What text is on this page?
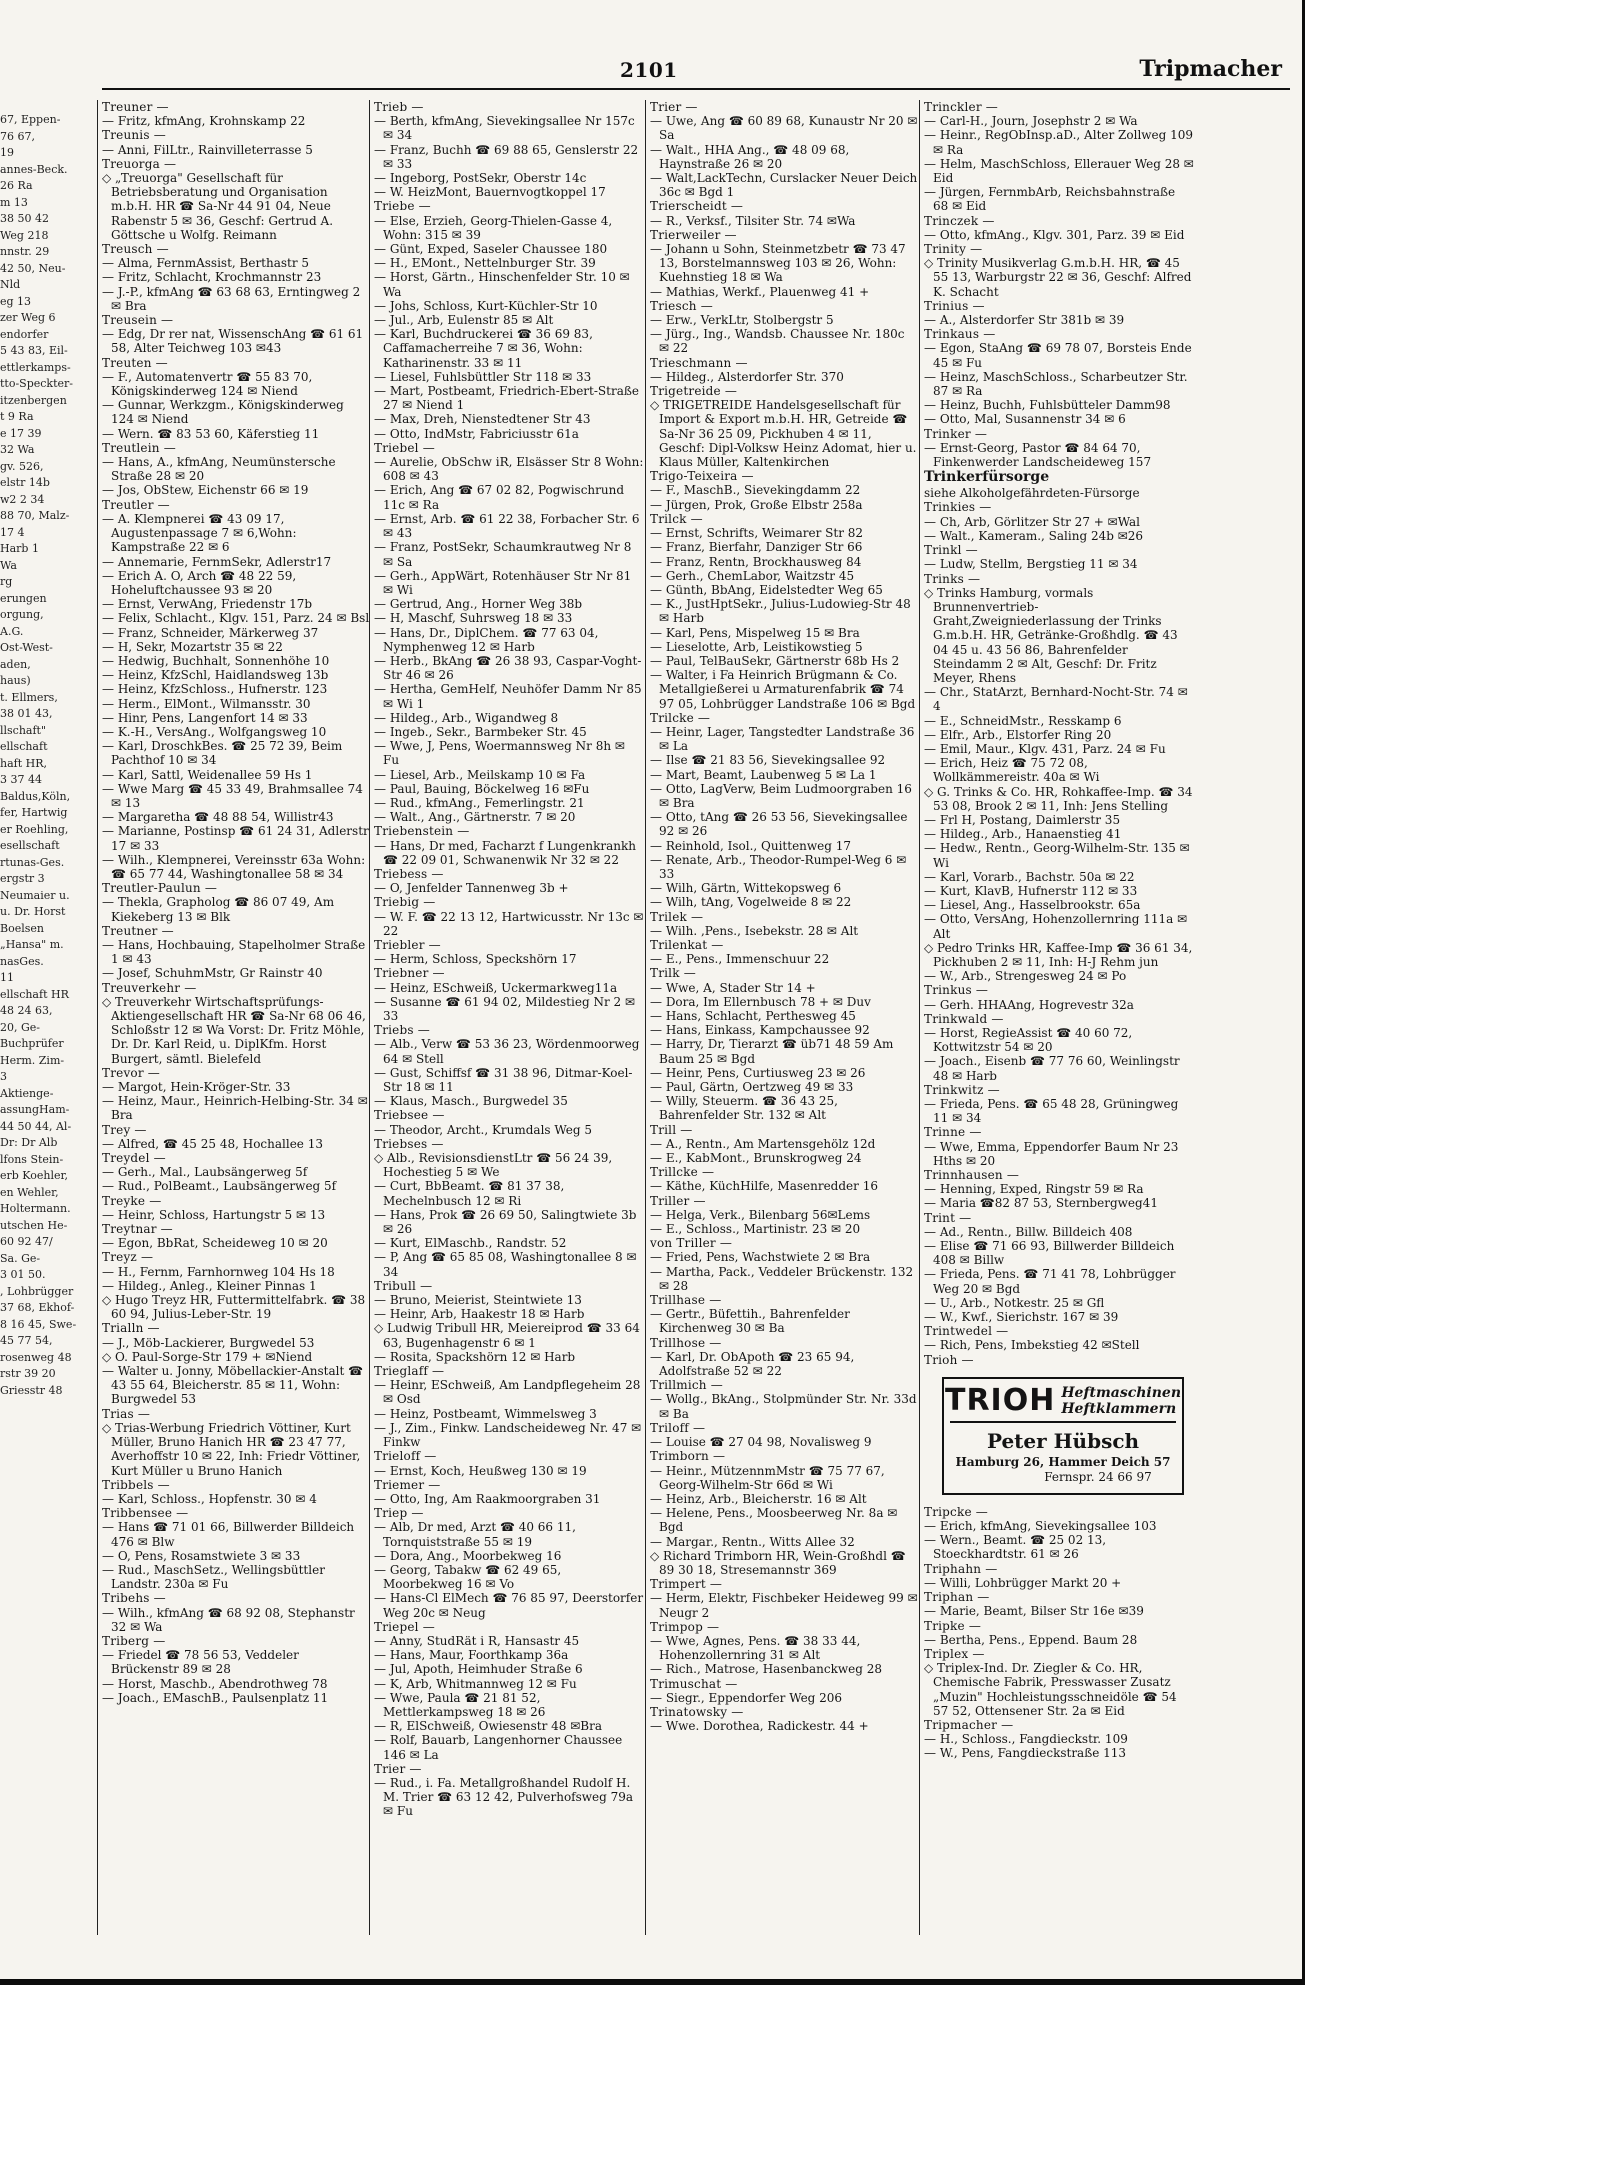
2101	Tripmacher
67, Eppen-
76 67,
19
annes-Beck.
26 Ra
m 13
38 50 42
Weg 218
nnstr. 29
42 50, Neu-
Nld
eg 13
zer Weg 6
endorfer
5 43 83, Eil-
ettlerkamps-
tto-Speckter-
itzenbergen
t 9 Ra
e 17 39
32 Wa
gv. 526,
elstr 14b
w2 2 34
88 70, Malz-
17 4
Harb 1
Wa
rg
erungen
orgung,
A.G.
Ost-West-
aden,
haus)
t. Ellmers,
38 01 43,
llschaft"
ellschaft
haft HR,
3 37 44
Baldus,Köln,
fer, Hartwig
er Roehling,
esellschaft
rtunas-Ges.
ergstr 3
Neumaier u.
u. Dr. Horst
Boelsen
„Hansa" m.
nasGes.
11
ellschaft HR
48 24 63,
20, Ge-
Buchprüfer
Herm. Zim-
3
Aktienge-
assungHam-
44 50 44, Al-
Dr: Dr Alb
lfons Stein-
erb Koehler,
en Wehler,
Holtermann.
utschen He-
60 92 47/
Sa. Ge-
3 01 50.
, Lohbrügger
37 68, Ekhof-
8 16 45, Swe-
45 77 54,
rosenweg 48
rstr 39 20
Griesstr 48
Treuner —
— Fritz, kfmAng, Krohnskamp 22
Treunis —
— Anni, FilLtr., Rainvilleterrasse 5
Treuorga —
◇ „Treuorga" Gesellschaft für Betriebsberatung und Organisation m.b.H. HR ☎ Sa-Nr 44 91 04, Neue Rabenstr 5 ✉ 36, Geschf: Gertrud A. Göttsche u Wolfg. Reimann
Treusch —
— Alma, FernmAssist, Berthastr 5
— Fritz, Schlacht, Krochmannstr 23
— J.-P., kfmAng ☎ 63 68 63, Erntingweg 2 ✉ Bra
Treusein —
— Edg, Dr rer nat, WissenschAng ☎ 61 61 58, Alter Teichweg 103 ✉43
Treuten —
— F., Automatenvertr ☎ 55 83 70, Königskinderweg 124 ✉ Niend
— Gunnar, Werkzgm., Königskinderweg 124 ✉ Niend
— Wern. ☎ 83 53 60, Käferstieg 11
Treutlein —
— Hans, A., kfmAng, Neumünstersche Straße 28 ✉ 20
— Jos, ObStew, Eichenstr 66 ✉ 19
Treutler —
— A. Klempnerei ☎ 43 09 17, Augustenpassage 7 ✉ 6,Wohn: Kampstraße 22 ✉ 6
— Annemarie, FernmSekr, Adlerstr17
— Erich A. O, Arch ☎ 48 22 59, Hoheluftchaussee 93 ✉ 20
— Ernst, VerwAng, Friedenstr 17b
— Felix, Schlacht., Klgv. 151, Parz. 24 ✉ Bsl
— Franz, Schneider, Märkerweg 37
— H, Sekr, Mozartstr 35 ✉ 22
— Hedwig, Buchhalt, Sonnenhöhe 10
— Heinz, KfzSchl, Haidlandsweg 13b
— Heinz, KfzSchloss., Hufnerstr. 123
— Herm., ElMont., Wilmansstr. 30
— Hinr, Pens, Langenfort 14 ✉ 33
— K.-H., VersAng., Wolfgangsweg 10
— Karl, DroschkBes. ☎ 25 72 39, Beim Pachthof 10 ✉ 34
— Karl, Sattl, Weidenallee 59 Hs 1
— Wwe Marg ☎ 45 33 49, Brahmsallee 74 ✉ 13
— Margaretha ☎ 48 88 54, Willistr43
— Marianne, Postinsp ☎ 61 24 31, Adlerstr 17 ✉ 33
— Wilh., Klempnerei, Vereinsstr 63a Wohn: ☎ 65 77 44, Washingtonallee 58 ✉ 34
Treutler-Paulun —
— Thekla, Grapholog ☎ 86 07 49, Am Kiekeberg 13 ✉ Blk
Treutner —
— Hans, Hochbauing, Stapelholmer Straße 1 ✉ 43
— Josef, SchuhmMstr, Gr Rainstr 40
Treuverkehr —
◇ Treuverkehr Wirtschaftsprüfungs-Aktiengesellschaft HR ☎ Sa-Nr 68 06 46, Schloßstr 12 ✉ Wa Vorst: Dr. Fritz Möhle, Dr. Dr. Karl Reid, u. DiplKfm. Horst Burgert, sämtl. Bielefeld
Trevor —
— Margot, Hein-Kröger-Str. 33
— Heinz, Maur., Heinrich-Helbing-Str. 34 ✉ Bra
Trey —
— Alfred, ☎ 45 25 48, Hochallee 13
Treydel —
— Gerh., Mal., Laubsängerweg 5f
— Rud., PolBeamt., Laubsängerweg 5f
Treyke —
— Heinr, Schloss, Hartungstr 5 ✉ 13
Treytnar —
— Egon, BbRat, Scheideweg 10 ✉ 20
Treyz —
— H., Fernm, Farnhornweg 104 Hs 18
— Hildeg., Anleg., Kleiner Pinnas 1
◇ Hugo Treyz HR, Futtermittelfabrk. ☎ 38 60 94, Julius-Leber-Str. 19
Trialln —
— J., Möb-Lackierer, Burgwedel 53
◇ O. Paul-Sorge-Str 179 + ✉Niend
— Walter u. Jonny, Möbellackier-Anstalt ☎ 43 55 64, Bleicherstr. 85 ✉ 11, Wohn: Burgwedel 53
Trias —
◇ Trias-Werbung Friedrich Vöttiner, Kurt Müller, Bruno Hanich HR ☎ 23 47 77, Averhoffstr 10 ✉ 22, Inh: Friedr Vöttiner, Kurt Müller u Bruno Hanich
Tribbels —
— Karl, Schloss., Hopfenstr. 30 ✉ 4
Tribbensee —
— Hans ☎ 71 01 66, Billwerder Billdeich 476 ✉ Blw
— O, Pens, Rosamstwiete 3 ✉ 33
— Rud., MaschSetz., Wellingsbüttler Landstr. 230a ✉ Fu
Tribehs —
— Wilh., kfmAng ☎ 68 92 08, Stephanstr 32 ✉ Wa
Triberg —
— Friedel ☎ 78 56 53, Veddeler Brückenstr 89 ✉ 28
— Horst, Maschb., Abendrothweg 78
— Joach., EMaschB., Paulsenplatz 11
Trieb —
— Berth, kfmAng, Sievekingsallee Nr 157c ✉ 34
— Franz, Buchh ☎ 69 88 65, Genslerstr 22 ✉ 33
— Ingeborg, PostSekr, Oberstr 14c
— W. HeizMont, Bauernvogtkoppel 17
Triebe —
— Else, Erzieh, Georg-Thielen-Gasse 4, Wohn: 315 ✉ 39
— Günt, Exped, Saseler Chaussee 180
— H., EMont., Nettelnburger Str. 39
— Horst, Gärtn., Hinschenfelder Str. 10 ✉ Wa
— Johs, Schloss, Kurt-Küchler-Str 10
— Jul., Arb, Eulenstr 85 ✉ Alt
— Karl, Buchdruckerei ☎ 36 69 83, Caffamacherreihe 7 ✉ 36, Wohn: Katharinenstr. 33 ✉ 11
— Liesel, Fuhlsbüttler Str 118 ✉ 33
— Mart, Postbeamt, Friedrich-Ebert-Straße 27 ✉ Niend 1
— Max, Dreh, Nienstedtener Str 43
— Otto, IndMstr, Fabriciusstr 61a
Triebel —
— Aurelie, ObSchw iR, Elsässer Str 8 Wohn: 608 ✉ 43
— Erich, Ang ☎ 67 02 82, Pogwischrund 11c ✉ Ra
— Ernst, Arb. ☎ 61 22 38, Forbacher Str. 6 ✉ 43
— Franz, PostSekr, Schaumkrautweg Nr 8 ✉ Sa
— Gerh., AppWärt, Rotenhäuser Str Nr 81 ✉ Wi
— Gertrud, Ang., Horner Weg 38b
— H, Maschf, Suhrsweg 18 ✉ 33
— Hans, Dr., DiplChem. ☎ 77 63 04, Nymphenweg 12 ✉ Harb
— Herb., BkAng ☎ 26 38 93, Caspar-Voght-Str 46 ✉ 26
— Hertha, GemHelf, Neuhöfer Damm Nr 85 ✉ Wi 1
— Hildeg., Arb., Wigandweg 8
— Ingeb., Sekr., Barmbeker Str. 45
— Wwe, J, Pens, Woermannsweg Nr 8h ✉ Fu
— Liesel, Arb., Meilskamp 10 ✉ Fa
— Paul, Bauing, Böckelweg 16 ✉Fu
— Rud., kfmAng., Femerlingstr. 21
— Walt., Ang., Gärtnerstr. 7 ✉ 20
Triebenstein —
— Hans, Dr med, Facharzt f Lungenkrankh ☎ 22 09 01, Schwanenwik Nr 32 ✉ 22
Triebess —
— O, Jenfelder Tannenweg 3b +
Triebig —
— W. F. ☎ 22 13 12, Hartwicusstr. Nr 13c ✉ 22
Triebler —
— Herm, Schloss, Speckshörn 17
Triebner —
— Heinz, ESchweiß, Uckermarkweg11a
— Susanne ☎ 61 94 02, Mildestieg Nr 2 ✉ 33
Triebs —
— Alb., Verw ☎ 53 36 23, Wördenmoorweg 64 ✉ Stell
— Gust, Schiffsf ☎ 31 38 96, Ditmar-Koel-Str 18 ✉ 11
— Klaus, Masch., Burgwedel 35
Triebsee —
— Theodor, Archt., Krumdals Weg 5
Triebses —
◇ Alb., RevisionsdienstLtr ☎ 56 24 39, Hochestieg 5 ✉ We
— Curt, BbBeamt. ☎ 81 37 38, Mechelnbusch 12 ✉ Ri
— Hans, Prok ☎ 26 69 50, Salingtwiete 3b ✉ 26
— Kurt, ElMaschb., Randstr. 52
— P, Ang ☎ 65 85 08, Washingtonallee 8 ✉ 34
Tribull —
— Bruno, Meierist, Steintwiete 13
— Heinr, Arb, Haakestr 18 ✉ Harb
◇ Ludwig Tribull HR, Meiereiprod ☎ 33 64 63, Bugenhagenstr 6 ✉ 1
— Rosita, Spackshörn 12 ✉ Harb
Trieglaff —
— Heinr, ESchweiß, Am Landpflegeheim 28 ✉ Osd
— Heinz, Postbeamt, Wimmelsweg 3
— J., Zim., Finkw. Landscheideweg Nr. 47 ✉ Finkw
Trieloff —
— Ernst, Koch, Heußweg 130 ✉ 19
Triemer —
— Otto, Ing, Am Raakmoorgraben 31
Triep —
— Alb, Dr med, Arzt ☎ 40 66 11, Tornquiststraße 55 ✉ 19
— Dora, Ang., Moorbekweg 16
— Georg, Tabakw ☎ 62 49 65, Moorbekweg 16 ✉ Vo
— Hans-Cl ElMech ☎ 76 85 97, Deerstorfer Weg 20c ✉ Neug
Triepel —
— Anny, StudRät i R, Hansastr 45
— Hans, Maur, Foorthkamp 36a
— Jul, Apoth, Heimhuder Straße 6
— K, Arb, Whitmannweg 12 ✉ Fu
— Wwe, Paula ☎ 21 81 52, Mettlerkampsweg 18 ✉ 26
— R, ElSchweiß, Owiesenstr 48 ✉Bra
— Rolf, Bauarb, Langenhorner Chaussee 146 ✉ La
Trier —
— Rud., i. Fa. Metallgroßhandel Rudolf H. M. Trier ☎ 63 12 42, Pulverhofsweg 79a ✉ Fu
Trier —
— Uwe, Ang ☎ 60 89 68, Kunaustr Nr 20 ✉ Sa
— Walt., HHA Ang., ☎ 48 09 68, Haynstraße 26 ✉ 20
— Walt,LackTechn, Curslacker Neuer Deich 36c ✉ Bgd 1
Trierscheidt —
— R., Verksf., Tilsiter Str. 74 ✉Wa
Trierweiler —
— Johann u Sohn, Steinmetzbetr ☎ 73 47 13, Borstelmannsweg 103 ✉ 26, Wohn: Kuehnstieg 18 ✉ Wa
— Mathias, Werkf., Plauenweg 41 +
Triesch —
— Erw., VerkLtr, Stolbergstr 5
— Jürg., Ing., Wandsb. Chaussee Nr. 180c ✉ 22
Trieschmann —
— Hildeg., Alsterdorfer Str. 370
Trigetreide —
◇ TRIGETREIDE Handelsgesellschaft für Import & Export m.b.H. HR, Getreide ☎ Sa-Nr 36 25 09, Pickhuben 4 ✉ 11, Geschf: Dipl-Volksw Heinz Adomat, hier u. Klaus Müller, Kaltenkirchen
Trigo-Teixeira —
— F., MaschB., Sievekingdamm 22
— Jürgen, Prok, Große Elbstr 258a
Trilck —
— Ernst, Schrifts, Weimarer Str 82
— Franz, Bierfahr, Danziger Str 66
— Franz, Rentn, Brockhausweg 84
— Gerh., ChemLabor, Waitzstr 45
— Günth, BbAng, Eidelstedter Weg 65
— K., JustHptSekr., Julius-Ludowieg-Str 48 ✉ Harb
— Karl, Pens, Mispelweg 15 ✉ Bra
— Lieselotte, Arb, Leistikowstieg 5
— Paul, TelBauSekr, Gärtnerstr 68b Hs 2
— Walter, i Fa Heinrich Brügmann & Co. Metallgießerei u Armaturenfabrik ☎ 74 97 05, Lohbrügger Landstraße 106 ✉ Bgd
Trilcke —
— Heinr, Lager, Tangstedter Landstraße 36 ✉ La
— Ilse ☎ 21 83 56, Sievekingsallee 92
— Mart, Beamt, Laubenweg 5 ✉ La 1
— Otto, LagVerw, Beim Ludmoorgraben 16 ✉ Bra
— Otto, tAng ☎ 26 53 56, Sievekingsallee 92 ✉ 26
— Reinhold, Isol., Quittenweg 17
— Renate, Arb., Theodor-Rumpel-Weg 6 ✉ 33
— Wilh, Gärtn, Wittekopsweg 6
— Wilh, tAng, Vogelweide 8 ✉ 22
Trilek —
— Wilh. ,Pens., Isebekstr. 28 ✉ Alt
Trilenkat —
— E., Pens., Immenschuur 22
Trilk —
— Wwe, A, Stader Str 14 +
— Dora, Im Ellernbusch 78 + ✉ Duv
— Hans, Schlacht, Perthesweg 45
— Hans, Einkass, Kampchaussee 92
— Harry, Dr, Tierarzt ☎ üb71 48 59 Am Baum 25 ✉ Bgd
— Heinr, Pens, Curtiusweg 23 ✉ 26
— Paul, Gärtn, Oertzweg 49 ✉ 33
— Willy, Steuerm. ☎ 36 43 25, Bahrenfelder Str. 132 ✉ Alt
Trill —
— A., Rentn., Am Martensgehölz 12d
— E., KabMont., Brunskrogweg 24
Trillcke —
— Käthe, KüchHilfe, Masenredder 16
Triller —
— Helga, Verk., Bilenbarg 56✉Lems
— E., Schloss., Martinistr. 23 ✉ 20
von Triller —
— Fried, Pens, Wachstwiete 2 ✉ Bra
— Martha, Pack., Veddeler Brückenstr. 132 ✉ 28
Trillhase —
— Gertr., Büfettih., Bahrenfelder Kirchenweg 30 ✉ Ba
Trillhose —
— Karl, Dr. ObApoth ☎ 23 65 94, Adolfstraße 52 ✉ 22
Trillmich —
— Wollg., BkAng., Stolpmünder Str. Nr. 33d ✉ Ba
Triloff —
— Louise ☎ 27 04 98, Novalisweg 9
Trimborn —
— Heinr., MützennmMstr ☎ 75 77 67, Georg-Wilhelm-Str 66d ✉ Wi
— Heinz, Arb., Bleicherstr. 16 ✉ Alt
— Helene, Pens., Moosbeerweg Nr. 8a ✉ Bgd
— Margar., Rentn., Witts Allee 32
◇ Richard Trimborn HR, Wein-Großhdl ☎ 89 30 18, Stresemannstr 369
Trimpert —
— Herm, Elektr, Fischbeker Heideweg 99 ✉ Neugr 2
Trimpop —
— Wwe, Agnes, Pens. ☎ 38 33 44, Hohenzollernring 31 ✉ Alt
— Rich., Matrose, Hasenbanckweg 28
Trimuschat —
— Siegr., Eppendorfer Weg 206
Trinatowsky —
— Wwe. Dorothea, Radickestr. 44 +
Trinckler —
— Carl-H., Journ, Josephstr 2 ✉ Wa
— Heinr., RegObInsp.aD., Alter Zollweg 109 ✉ Ra
— Helm, MaschSchloss, Ellerauer Weg 28 ✉ Eid
— Jürgen, FernmbArb, Reichsbahnstraße 68 ✉ Eid
Trinczek —
— Otto, kfmAng., Klgv. 301, Parz. 39 ✉ Eid
Trinity —
◇ Trinity Musikverlag G.m.b.H. HR, ☎ 45 55 13, Warburgstr 22 ✉ 36, Geschf: Alfred K. Schacht
Trinius —
— A., Alsterdorfer Str 381b ✉ 39
Trinkaus —
— Egon, StaAng ☎ 69 78 07, Borsteis Ende 45 ✉ Fu
— Heinz, MaschSchloss., Scharbeutzer Str. 87 ✉ Ra
— Heinz, Buchh, Fuhlsbütteler Damm98
— Otto, Mal, Susannenstr 34 ✉ 6
Trinker —
— Ernst-Georg, Pastor ☎ 84 64 70, Finkenwerder Landscheideweg 157
Trinkerfürsorge
siehe Alkoholgefährdeten-Fürsorge
Trinkies —
— Ch, Arb, Görlitzer Str 27 + ✉Wal
— Walt., Kameram., Saling 24b ✉26
Trinkl —
— Ludw, Stellm, Bergstieg 11 ✉ 34
Trinks —
◇ Trinks Hamburg, vormals Brunnenvertrieb-Graht,Zweigniederlassung der Trinks G.m.b.H. HR, Getränke-Großhdlg. ☎ 43 04 45 u. 43 56 86, Bahrenfelder Steindamm 2 ✉ Alt, Geschf: Dr. Fritz Meyer, Rhens
— Chr., StatArzt, Bernhard-Nocht-Str. 74 ✉ 4
— E., SchneidMstr., Resskamp 6
— Elfr., Arb., Elstorfer Ring 20
— Emil, Maur., Klgv. 431, Parz. 24 ✉ Fu
— Erich, Heiz ☎ 75 72 08, Wollkämmereistr. 40a ✉ Wi
◇ G. Trinks & Co. HR, Rohkaffee-Imp. ☎ 34 53 08, Brook 2 ✉ 11, Inh: Jens Stelling
— Frl H, Postang, Daimlerstr 35
— Hildeg., Arb., Hanaenstieg 41
— Hedw., Rentn., Georg-Wilhelm-Str. 135 ✉ Wi
— Karl, Vorarb., Bachstr. 50a ✉ 22
— Kurt, KlavB, Hufnerstr 112 ✉ 33
— Liesel, Ang., Hasselbrookstr. 65a
— Otto, VersAng, Hohenzollernring 111a ✉ Alt
◇ Pedro Trinks HR, Kaffee-Imp ☎ 36 61 34, Pickhuben 2 ✉ 11, Inh: H-J Rehm jun
— W., Arb., Strengesweg 24 ✉ Po
Trinkus —
— Gerh. HHAAng, Hogrevestr 32a
Trinkwald —
— Horst, RegieAssist ☎ 40 60 72, Kottwitzstr 54 ✉ 20
— Joach., Eisenb ☎ 77 76 60, Weinlingstr 48 ✉ Harb
Trinkwitz —
— Frieda, Pens. ☎ 65 48 28, Grüningweg 11 ✉ 34
Trinne —
— Wwe, Emma, Eppendorfer Baum Nr 23 Hths ✉ 20
Trinnhausen —
— Henning, Exped, Ringstr 59 ✉ Ra
— Maria ☎82 87 53, Sternbergweg41
Trint —
— Ad., Rentn., Billw. Billdeich 408
— Elise ☎ 71 66 93, Billwerder Billdeich 408 ✉ Billw
— Frieda, Pens. ☎ 71 41 78, Lohbrügger Weg 20 ✉ Bgd
— U., Arb., Notkestr. 25 ✉ Gfl
— W., Kwf., Sierichstr. 167 ✉ 39
Trintwedel —
— Rich, Pens, Imbekstieg 42 ✉Stell
Trioh —
TRIOH Heftmaschinen
Heftklammern
Peter Hübsch
Hamburg 26, Hammer Deich 57
Fernspr. 24 66 97
Tripcke —
— Erich, kfmAng, Sievekingsallee 103
— Wern., Beamt. ☎ 25 02 13, Stoeckhardtstr. 61 ✉ 26
Triphahn —
— Willi, Lohbrügger Markt 20 +
Triphan —
— Marie, Beamt, Bilser Str 16e ✉39
Tripke —
— Bertha, Pens., Eppend. Baum 28
Triplex —
◇ Triplex-Ind. Dr. Ziegler & Co. HR, Chemische Fabrik, Presswasser Zusatz „Muzin" Hochleistungsschneidöle ☎ 54 57 52, Ottensener Str. 2a ✉ Eid
Tripmacher —
— H., Schloss., Fangdieckstr. 109
— W., Pens, Fangdieckstraße 113
